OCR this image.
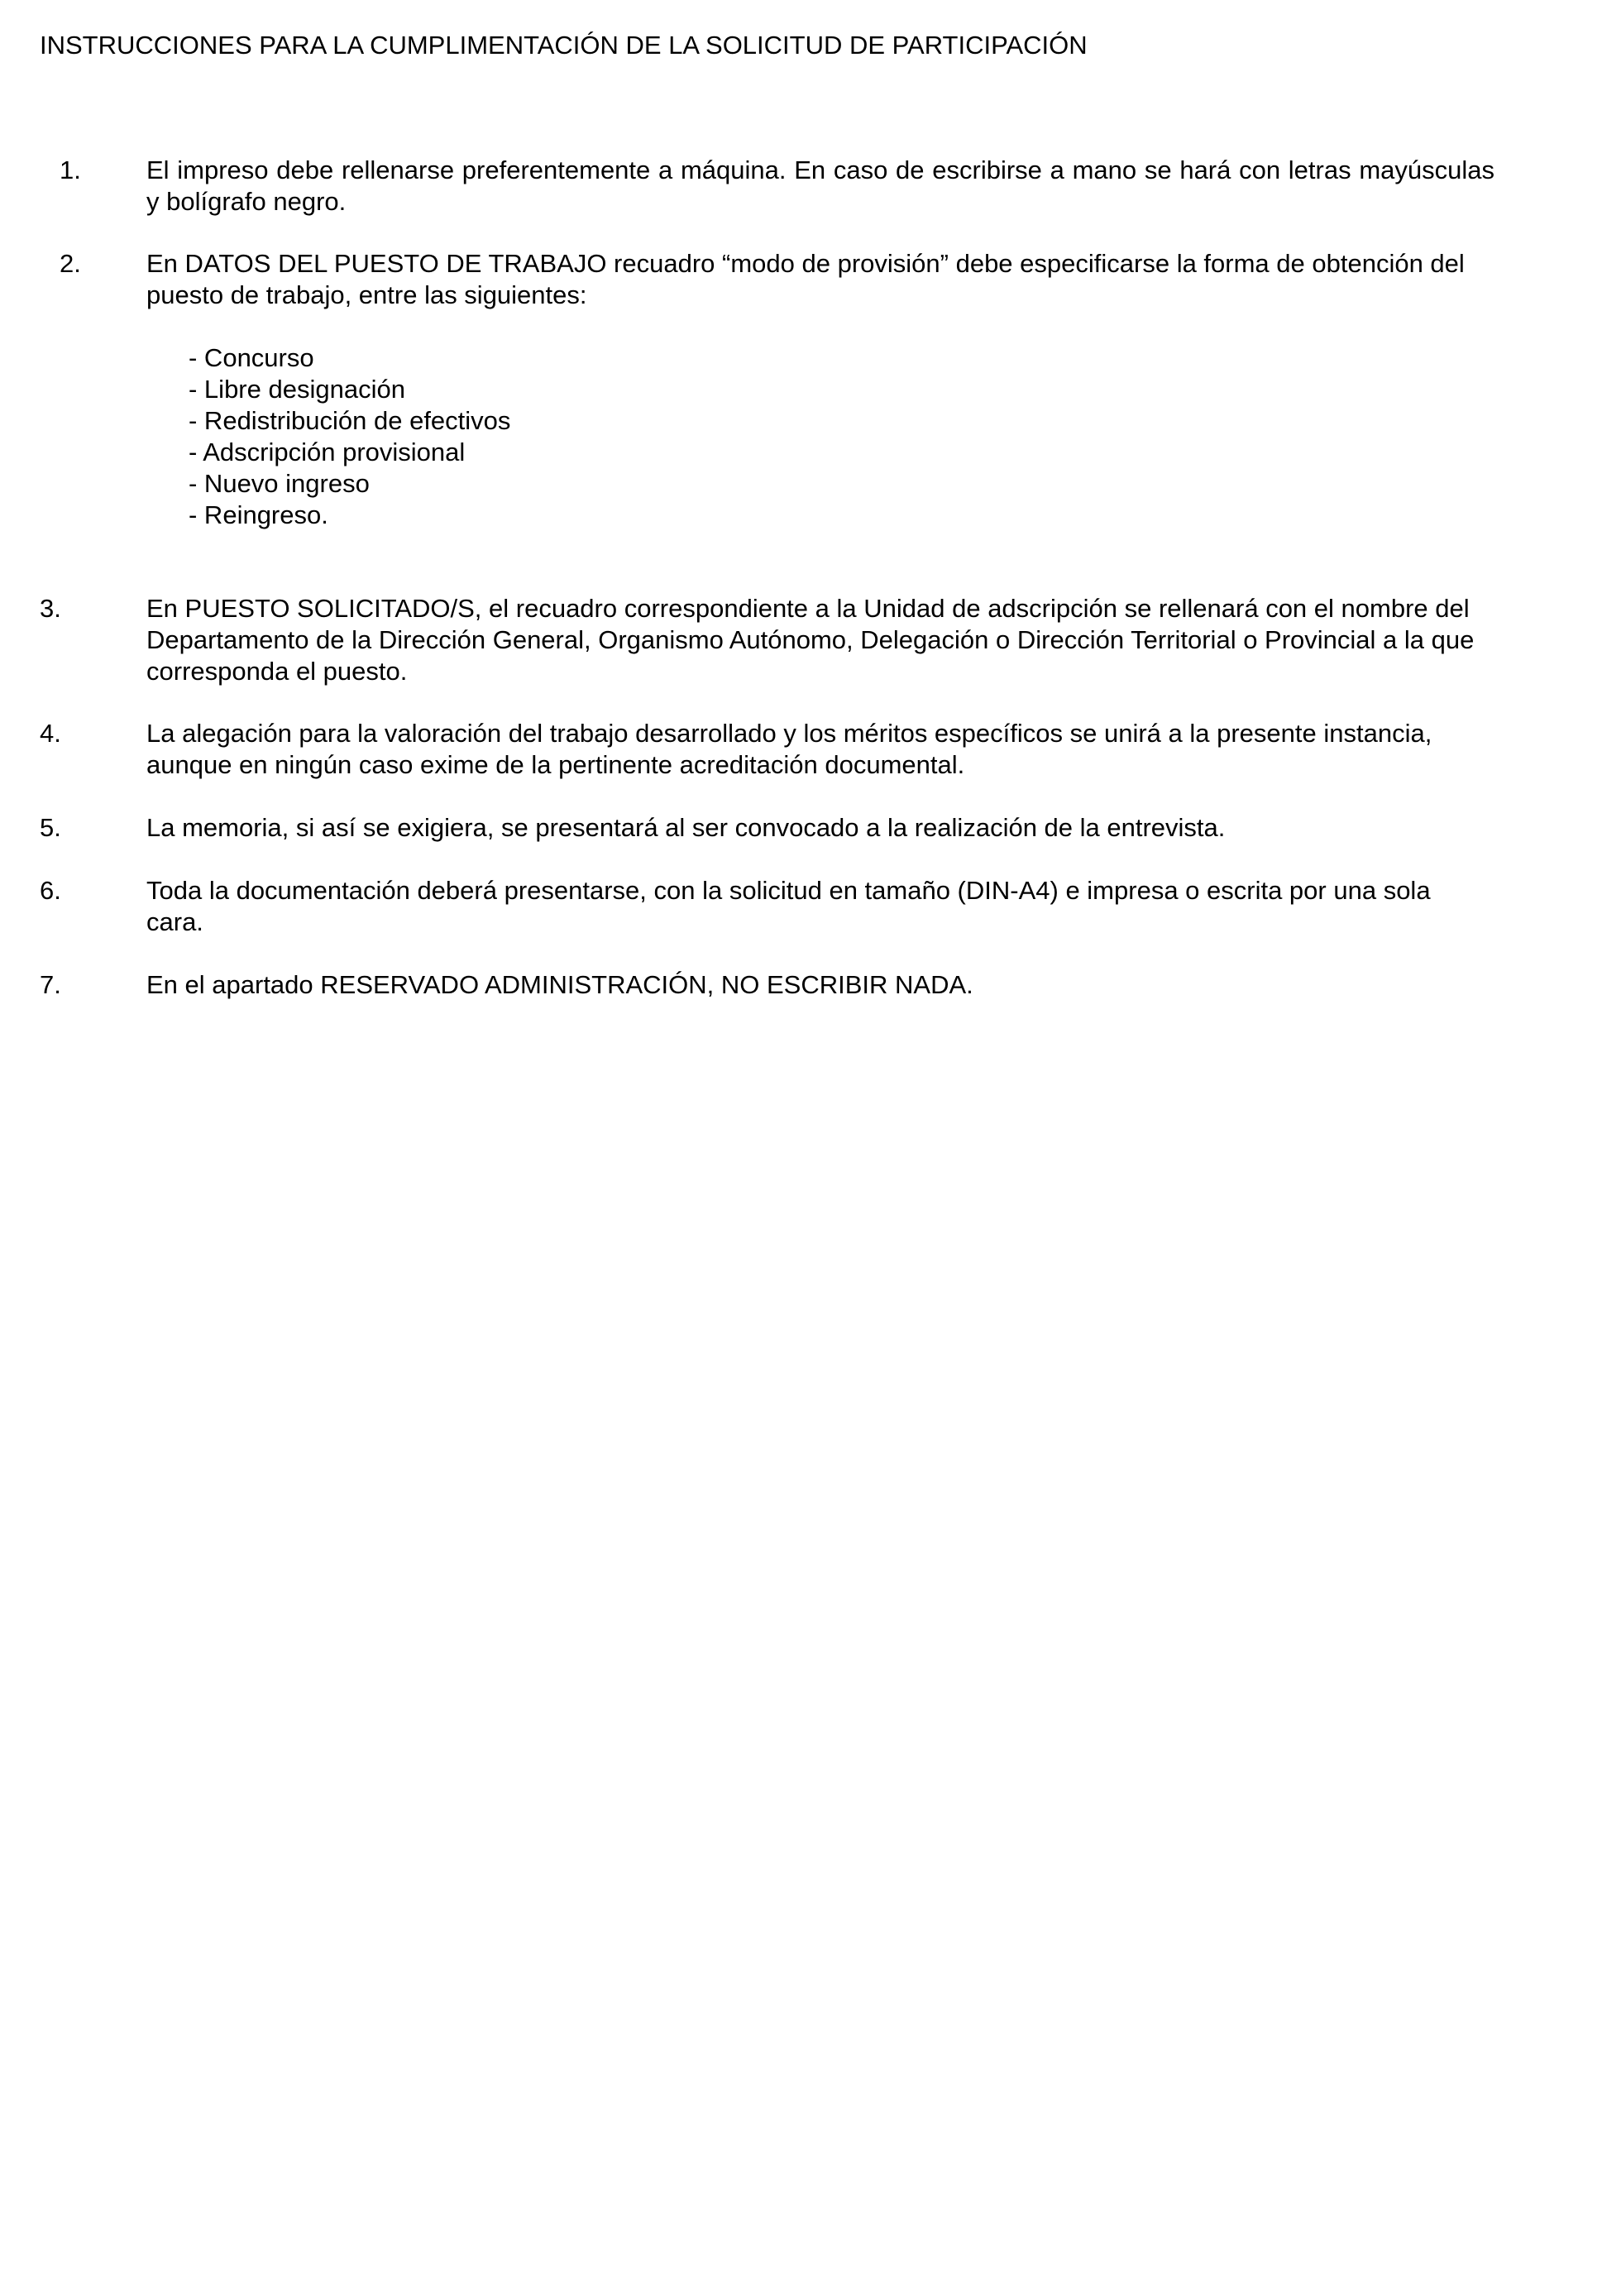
INSTRUCCIONES PARA LA CUMPLIMENTACIÓN DE LA SOLICITUD DE PARTICIPACIÓN
1.	El impreso debe rellenarse preferentemente a máquina. En caso de escribirse a mano se hará con letras mayúsculas y bolígrafo negro.
2.	En DATOS DEL PUESTO DE TRABAJO recuadro “modo de provisión” debe especificarse la forma de obtención del puesto de trabajo, entre las siguientes:
- Concurso
- Libre designación
- Redistribución de efectivos
- Adscripción provisional
- Nuevo ingreso
- Reingreso.
3.	En PUESTO SOLICITADO/S, el recuadro correspondiente a la Unidad de adscripción se rellenará con el nombre del Departamento de la Dirección General, Organismo Autónomo, Delegación o Dirección Territorial o Provincial a la que corresponda el puesto.
4.	La alegación para la valoración del trabajo desarrollado y los méritos específicos se unirá a la presente instancia, aunque en ningún caso exime de la pertinente acreditación documental.
5.	La memoria, si así se exigiera, se presentará al ser convocado a la realización de la entrevista.
6.	Toda la documentación deberá presentarse, con la solicitud en tamaño (DIN-A4) e impresa o escrita por una sola cara.
7.	En el apartado RESERVADO ADMINISTRACIÓN, NO ESCRIBIR NADA.
